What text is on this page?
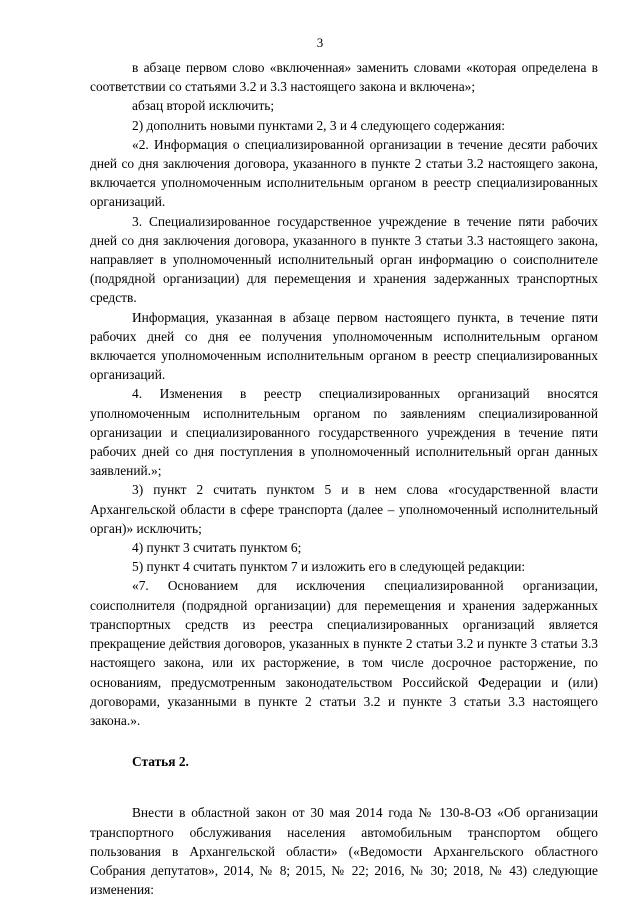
3

в абзаце первом слово «включенная» заменить словами «которая определена в соответствии со статьями 3.2 и 3.3 настоящего закона и включена»;

абзац второй исключить;

2) дополнить новыми пунктами 2, 3 и 4 следующего содержания:

«2. Информация о специализированной организации в течение десяти рабочих дней со дня заключения договора, указанного в пункте 2 статьи 3.2 настоящего закона, включается уполномоченным исполнительным органом в реестр специализированных организаций.

3. Специализированное государственное учреждение в течение пяти рабочих дней со дня заключения договора, указанного в пункте 3 статьи 3.3 настоящего закона, направляет в уполномоченный исполнительный орган информацию о соисполнителе (подрядной организации) для перемещения и хранения задержанных транспортных средств.

Информация, указанная в абзаце первом настоящего пункта, в течение пяти рабочих дней со дня ее получения уполномоченным исполнительным органом включается уполномоченным исполнительным органом в реестр специализированных организаций.

4. Изменения в реестр специализированных организаций вносятся уполномоченным исполнительным органом по заявлениям специализированной организации и специализированного государственного учреждения в течение пяти рабочих дней со дня поступления в уполномоченный исполнительный орган данных заявлений.»;

3) пункт 2 считать пунктом 5 и в нем слова «государственной власти Архангельской области в сфере транспорта (далее – уполномоченный исполнительный орган)» исключить;

4) пункт 3 считать пунктом 6;

5) пункт 4 считать пунктом 7 и изложить его в следующей редакции:

«7. Основанием для исключения специализированной организации, соисполнителя (подрядной организации) для перемещения и хранения задержанных транспортных средств из реестра специализированных организаций является прекращение действия договоров, указанных в пункте 2 статьи 3.2 и пункте 3 статьи 3.3 настоящего закона, или их расторжение, в том числе досрочное расторжение, по основаниям, предусмотренным законодательством Российской Федерации и (или) договорами, указанными в пункте 2 статьи 3.2 и пункте 3 статьи 3.3 настоящего закона.».

Статья 2.

Внести в областной закон от 30 мая 2014 года № 130-8-ОЗ «Об организации транспортного обслуживания населения автомобильным транспортом общего пользования в Архангельской области» («Ведомости Архангельского областного Собрания депутатов», 2014, № 8; 2015, № 22; 2016, № 30; 2018, № 43) следующие изменения:
